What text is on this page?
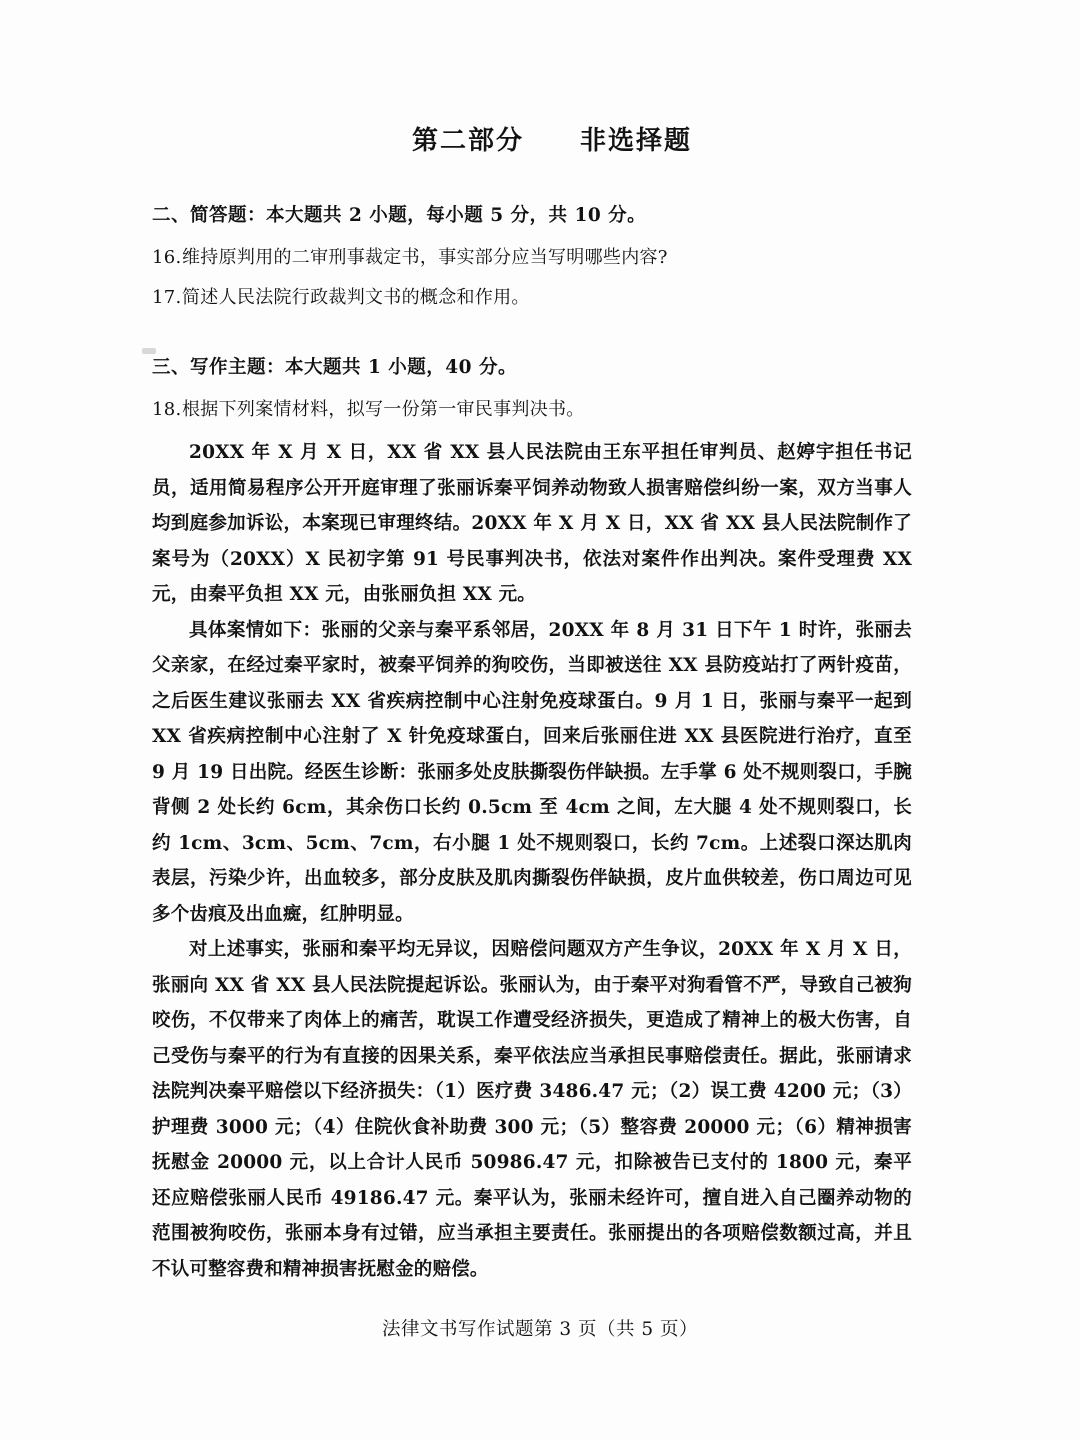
第二部分 非选择题
二、简答题：本大题共 2 小题，每小题 5 分，共 10 分。
16.维持原判用的二审刑事裁定书，事实部分应当写明哪些内容?
17.简述人民法院行政裁判文书的概念和作用。
三、写作主题：本大题共 1 小题，40 分。
18.根据下列案情材料，拟写一份第一审民事判决书。

20XX 年 X 月 X 日，XX 省 XX 县人民法院由王东平担任审判员、赵婷宇担任书记员，适用简易程序公开开庭审理了张丽诉秦平饲养动物致人损害赔偿纠纷一案，双方当事人均到庭参加诉讼，本案现已审理终结。20XX 年 X 月 X 日，XX 省 XX 县人民法院制作了案号为（20XX）X 民初字第 91 号民事判决书，依法对案件作出判决。案件受理费 XX 元，由秦平负担 XX 元，由张丽负担 XX 元。

具体案情如下：张丽的父亲与秦平系邻居，20XX 年 8 月 31 日下午 1 时许，张丽去父亲家，在经过秦平家时，被秦平饲养的狗咬伤，当即被送往 XX 县防疫站打了两针疫苗，之后医生建议张丽去 XX 省疾病控制中心注射免疫球蛋白。9 月 1 日，张丽与秦平一起到 XX 省疾病控制中心注射了 X 针免疫球蛋白，回来后张丽住进 XX 县医院进行治疗，直至 9 月 19 日出院。经医生诊断：张丽多处皮肤撕裂伤伴缺损。左手掌 6 处不规则裂口，手腕背侧 2 处长约 6cm，其余伤口长约 0.5cm 至 4cm 之间，左大腿 4 处不规则裂口，长约 1cm、3cm、5cm、7cm，右小腿 1 处不规则裂口，长约 7cm。上述裂口深达肌肉表层，污染少许，出血较多，部分皮肤及肌肉撕裂伤伴缺损，皮片血供较差，伤口周边可见多个齿痕及出血癍，红肿明显。

对上述事实，张丽和秦平均无异议，因赔偿问题双方产生争议，20XX 年 X 月 X 日，张丽向 XX 省 XX 县人民法院提起诉讼。张丽认为，由于秦平对狗看管不严，导致自己被狗咬伤，不仅带来了肉体上的痛苦，耽误工作遭受经济损失，更造成了精神上的极大伤害，自己受伤与秦平的行为有直接的因果关系，秦平依法应当承担民事赔偿责任。据此，张丽请求法院判决秦平赔偿以下经济损失：（1）医疗费 3486.47 元；（2）误工费 4200 元；（3）护理费 3000 元；（4）住院伙食补助费 300 元；（5）整容费 20000 元；（6）精神损害抚慰金 20000 元，以上合计人民币 50986.47 元，扣除被告已支付的 1800 元，秦平还应赔偿张丽人民币 49186.47 元。秦平认为，张丽未经许可，擅自进入自己圈养动物的范围被狗咬伤，张丽本身有过错，应当承担主要责任。张丽提出的各项赔偿数额过高，并且不认可整容费和精神损害抚慰金的赔偿。

法律文书写作试题第 3 页（共 5 页）
